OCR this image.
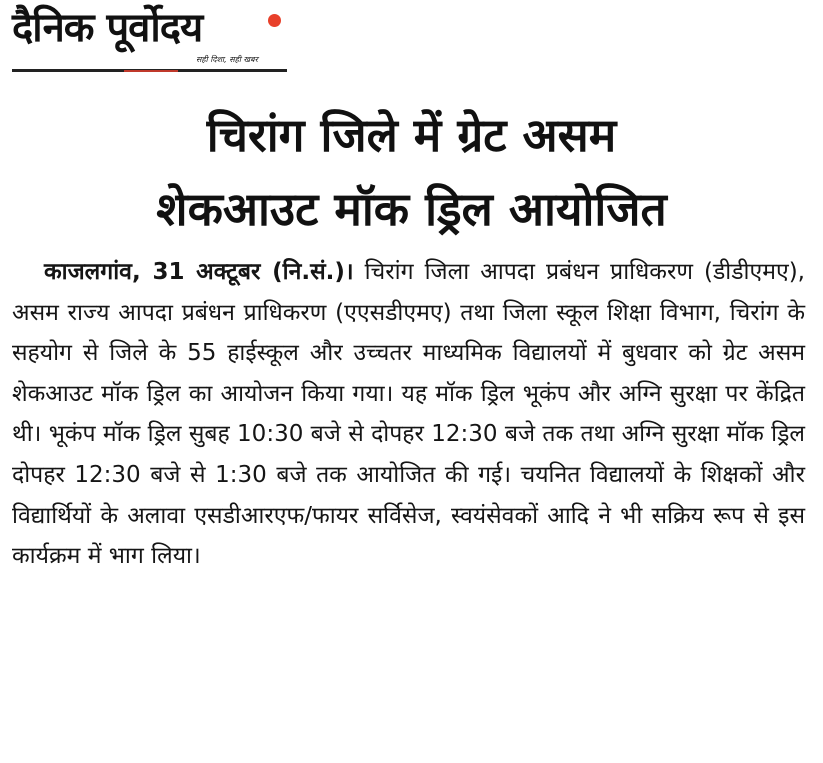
दैनिक पूर्वोदय
सही दिशा, सही खबर
चिरांग जिले में ग्रेट असम
शेकआउट मॉक ड्रिल आयोजित

काजलगांव, 31 अक्टूबर (नि.सं.)। चिरांग जिला आपदा प्रबंधन प्राधिकरण (डीडीएमए), असम राज्य आपदा प्रबंधन प्राधिकरण (एएसडीएमए) तथा जिला स्कूल शिक्षा विभाग, चिरांग के सहयोग से जिले के 55 हाईस्कूल और उच्चतर माध्यमिक विद्यालयों में बुधवार को ग्रेट असम शेकआउट मॉक ड्रिल का आयोजन किया गया। यह मॉक ड्रिल भूकंप और अग्नि सुरक्षा पर केंद्रित थी। भूकंप मॉक ड्रिल सुबह 10:30 बजे से दोपहर 12:30 बजे तक तथा अग्नि सुरक्षा मॉक ड्रिल दोपहर 12:30 बजे से 1:30 बजे तक आयोजित की गई। चयनित विद्यालयों के शिक्षकों और विद्यार्थियों के अलावा एसडीआरएफ/फायर सर्विसेज, स्वयंसेवकों आदि ने भी सक्रिय रूप से इस कार्यक्रम में भाग लिया।
